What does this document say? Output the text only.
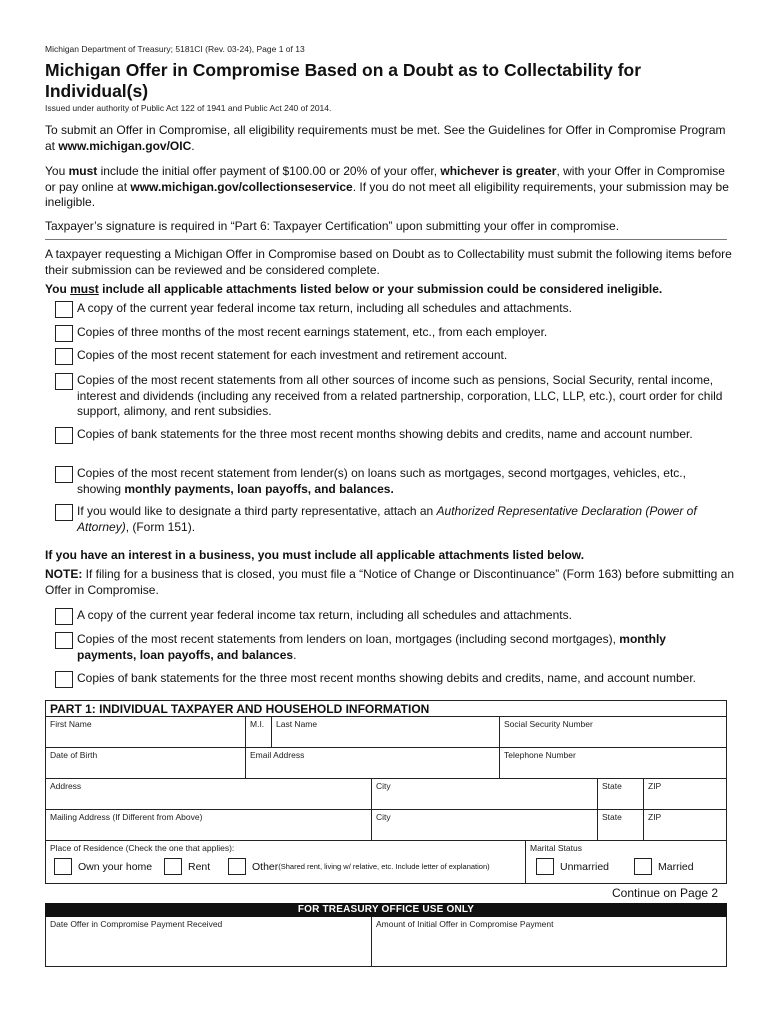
Michigan Department of Treasury; 5181CI (Rev. 03-24), Page 1 of 13
Michigan Offer in Compromise Based on a Doubt as to Collectability for Individual(s)
Issued under authority of Public Act 122 of 1941 and Public Act 240 of 2014.
To submit an Offer in Compromise, all eligibility requirements must be met. See the Guidelines for Offer in Compromise Program at www.michigan.gov/OIC.
You must include the initial offer payment of $100.00 or 20% of your offer, whichever is greater, with your Offer in Compromise or pay online at www.michigan.gov/collectionseservice. If you do not meet all eligibility requirements, your submission may be ineligible.
Taxpayer’s signature is required in “Part 6: Taxpayer Certification” upon submitting your offer in compromise.
A taxpayer requesting a Michigan Offer in Compromise based on Doubt as to Collectability must submit the following items before their submission can be reviewed and be considered complete.
You must include all applicable attachments listed below or your submission could be considered ineligible.
A copy of the current year federal income tax return, including all schedules and attachments.
Copies of three months of the most recent earnings statement, etc., from each employer.
Copies of the most recent statement for each investment and retirement account.
Copies of the most recent statements from all other sources of income such as pensions, Social Security, rental income, interest and dividends (including any received from a related partnership, corporation, LLC, LLP, etc.), court order for child support, alimony, and rent subsidies.
Copies of bank statements for the three most recent months showing debits and credits, name and account number.
Copies of the most recent statement from lender(s) on loans such as mortgages, second mortgages, vehicles, etc., showing monthly payments, loan payoffs, and balances.
If you would like to designate a third party representative, attach an Authorized Representative Declaration (Power of Attorney), (Form 151).
If you have an interest in a business, you must include all applicable attachments listed below.
NOTE: If filing for a business that is closed, you must file a “Notice of Change or Discontinuance” (Form 163) before submitting an Offer in Compromise.
A copy of the current year federal income tax return, including all schedules and attachments.
Copies of the most recent statements from lenders on loan, mortgages (including second mortgages), monthly payments, loan payoffs, and balances.
Copies of bank statements for the three most recent months showing debits and credits, name, and account number.
PART 1: INDIVIDUAL TAXPAYER AND HOUSEHOLD INFORMATION
First Name	M.I.	Last Name	Social Security Number
Date of Birth	Email Address	Telephone Number
Address	City	State	ZIP
Mailing Address (If Different from Above)	City	State	ZIP
Place of Residence (Check the one that applies):	Marital Status
Own your home	Rent	Other (Shared rent, living w/ relative, etc. Include letter of explanation)	Unmarried	Married
Continue on Page 2
FOR TREASURY OFFICE USE ONLY
Date Offer in Compromise Payment Received	Amount of Initial Offer in Compromise Payment
